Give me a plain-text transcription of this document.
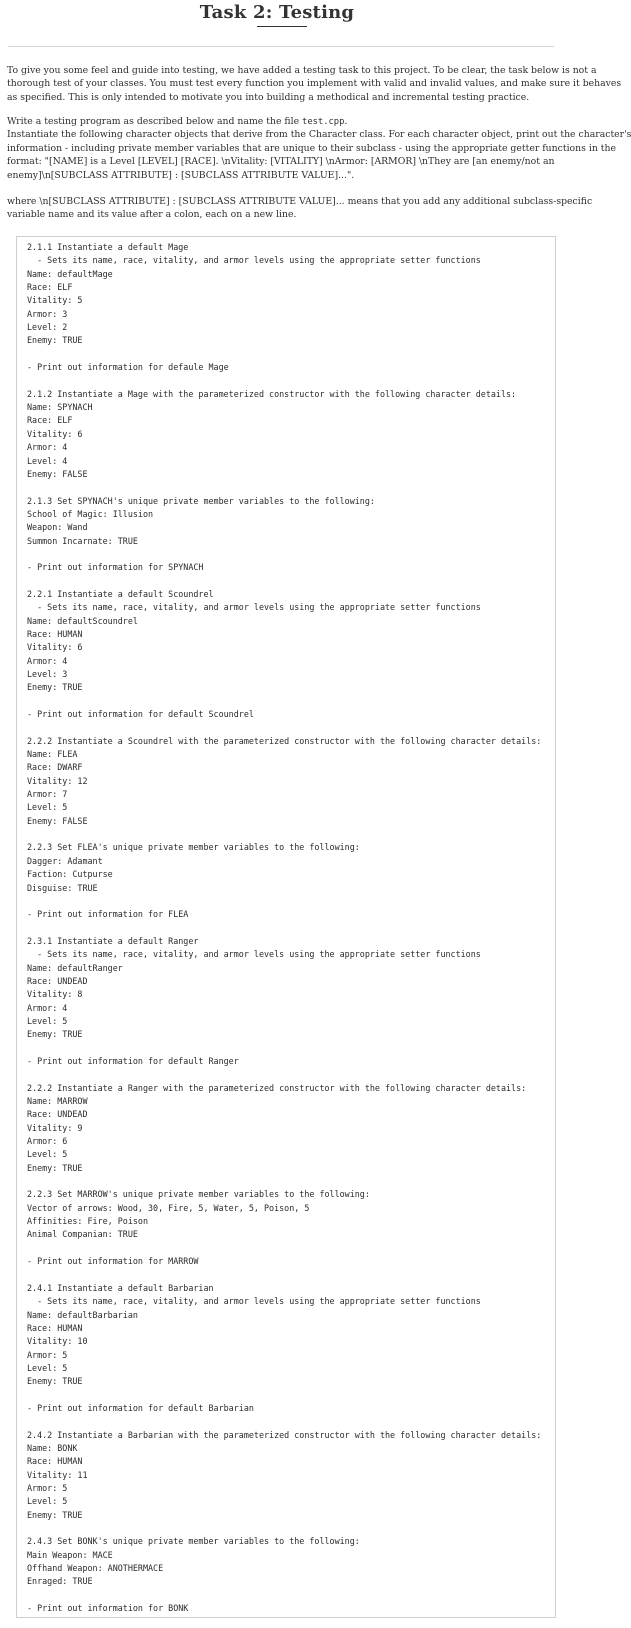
Task 2: Testing
To give you some feel and guide into testing, we have added a testing task to this project. To be clear, the task below is not a
thorough test of your classes. You must test every function you implement with valid and invalid values, and make sure it behaves
as specified. This is only intended to motivate you into building a methodical and incremental testing practice.
Write a testing program as described below and name the file test.cpp.
Instantiate the following character objects that derive from the Character class. For each character object, print out the character's
information - including private member variables that are unique to their subclass - using the appropriate getter functions in the
format: "[NAME] is a Level [LEVEL] [RACE]. \nVitality: [VITALITY] \nArmor: [ARMOR] \nThey are [an enemy/not an
enemy]\n[SUBCLASS ATTRIBUTE] : [SUBCLASS ATTRIBUTE VALUE]...".
where \n[SUBCLASS ATTRIBUTE] : [SUBCLASS ATTRIBUTE VALUE]... means that you add any additional subclass-specific
variable name and its value after a colon, each on a new line.
2.1.1 Instantiate a default Mage
- Sets its name, race, vitality, and armor levels using the appropriate setter functions
Name: defaultMage
Race: ELF
Vitality: 5
Armor: 3
Level: 2
Enemy: TRUE
- Print out information for defaule Mage
2.1.2 Instantiate a Mage with the parameterized constructor with the following character details:
Name: SPYNACH
Race: ELF
Vitality: 6
Armor: 4
Level: 4
Enemy: FALSE
2.1.3 Set SPYNACH's unique private member variables to the following:
School of Magic: Illusion
Weapon: Wand
Summon Incarnate: TRUE
- Print out information for SPYNACH
2.2.1 Instantiate a default Scoundrel
- Sets its name, race, vitality, and armor levels using the appropriate setter functions
Name: defaultScoundrel
Race: HUMAN
Vitality: 6
Armor: 4
Level: 3
Enemy: TRUE
- Print out information for default Scoundrel
2.2.2 Instantiate a Scoundrel with the parameterized constructor with the following character details:
Name: FLEA
Race: DWARF
Vitality: 12
Armor: 7
Level: 5
Enemy: FALSE
2.2.3 Set FLEA's unique private member variables to the following:
Dagger: Adamant
Faction: Cutpurse
Disguise: TRUE
- Print out information for FLEA
2.3.1 Instantiate a default Ranger
- Sets its name, race, vitality, and armor levels using the appropriate setter functions
Name: defaultRanger
Race: UNDEAD
Vitality: 8
Armor: 4
Level: 5
Enemy: TRUE
- Print out information for default Ranger
2.2.2 Instantiate a Ranger with the parameterized constructor with the following character details:
Name: MARROW
Race: UNDEAD
Vitality: 9
Armor: 6
Level: 5
Enemy: TRUE
2.2.3 Set MARROW's unique private member variables to the following:
Vector of arrows: Wood, 30, Fire, 5, Water, 5, Poison, 5
Affinities: Fire, Poison
Animal Companian: TRUE
- Print out information for MARROW
2.4.1 Instantiate a default Barbarian
- Sets its name, race, vitality, and armor levels using the appropriate setter functions
Name: defaultBarbarian
Race: HUMAN
Vitality: 10
Armor: 5
Level: 5
Enemy: TRUE
- Print out information for default Barbarian
2.4.2 Instantiate a Barbarian with the parameterized constructor with the following character details:
Name: BONK
Race: HUMAN
Vitality: 11
Armor: 5
Level: 5
Enemy: TRUE
2.4.3 Set BONK's unique private member variables to the following:
Main Weapon: MACE
Offhand Weapon: ANOTHERMACE
Enraged: TRUE
- Print out information for BONK
